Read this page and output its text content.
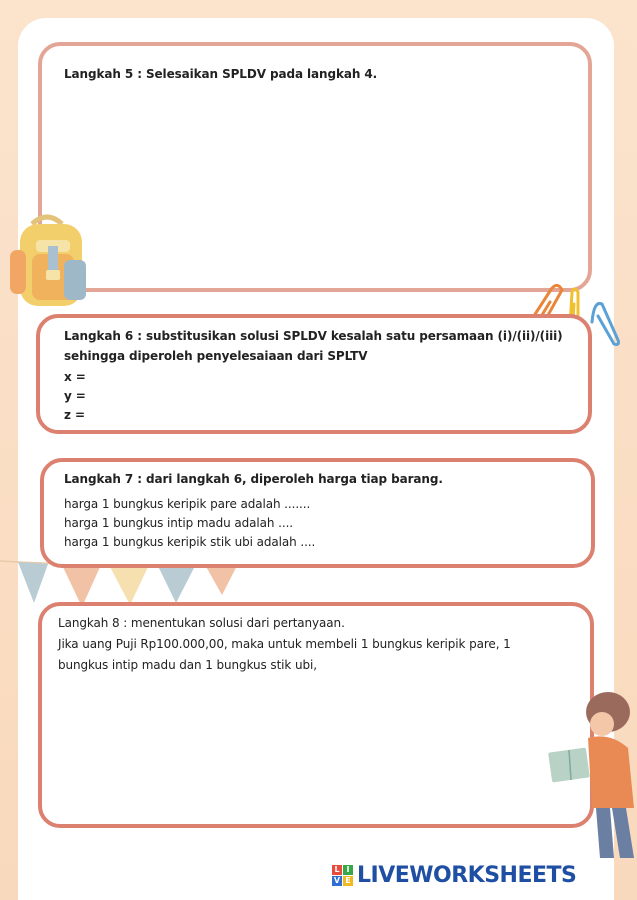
Langkah 5 : Selesaikan SPLDV pada langkah 4.
Langkah 6 : substitusikan solusi SPLDV kesalah satu persamaan (i)/(ii)/(iii)
sehingga diperoleh penyelesaiaan dari SPLTV
x =
y =
z =
Langkah 7 : dari langkah 6, diperoleh harga tiap barang.
harga 1 bungkus keripik pare adalah .......
harga 1 bungkus intip madu adalah ....
harga 1 bungkus keripik stik ubi adalah ....
Langkah 8 : menentukan solusi dari pertanyaan.
Jika uang Puji Rp100.000,00, maka untuk membeli 1 bungkus keripik pare, 1
bungkus intip madu dan 1 bungkus stik ubi,
L I
V E LIVEWORKSHEETS
